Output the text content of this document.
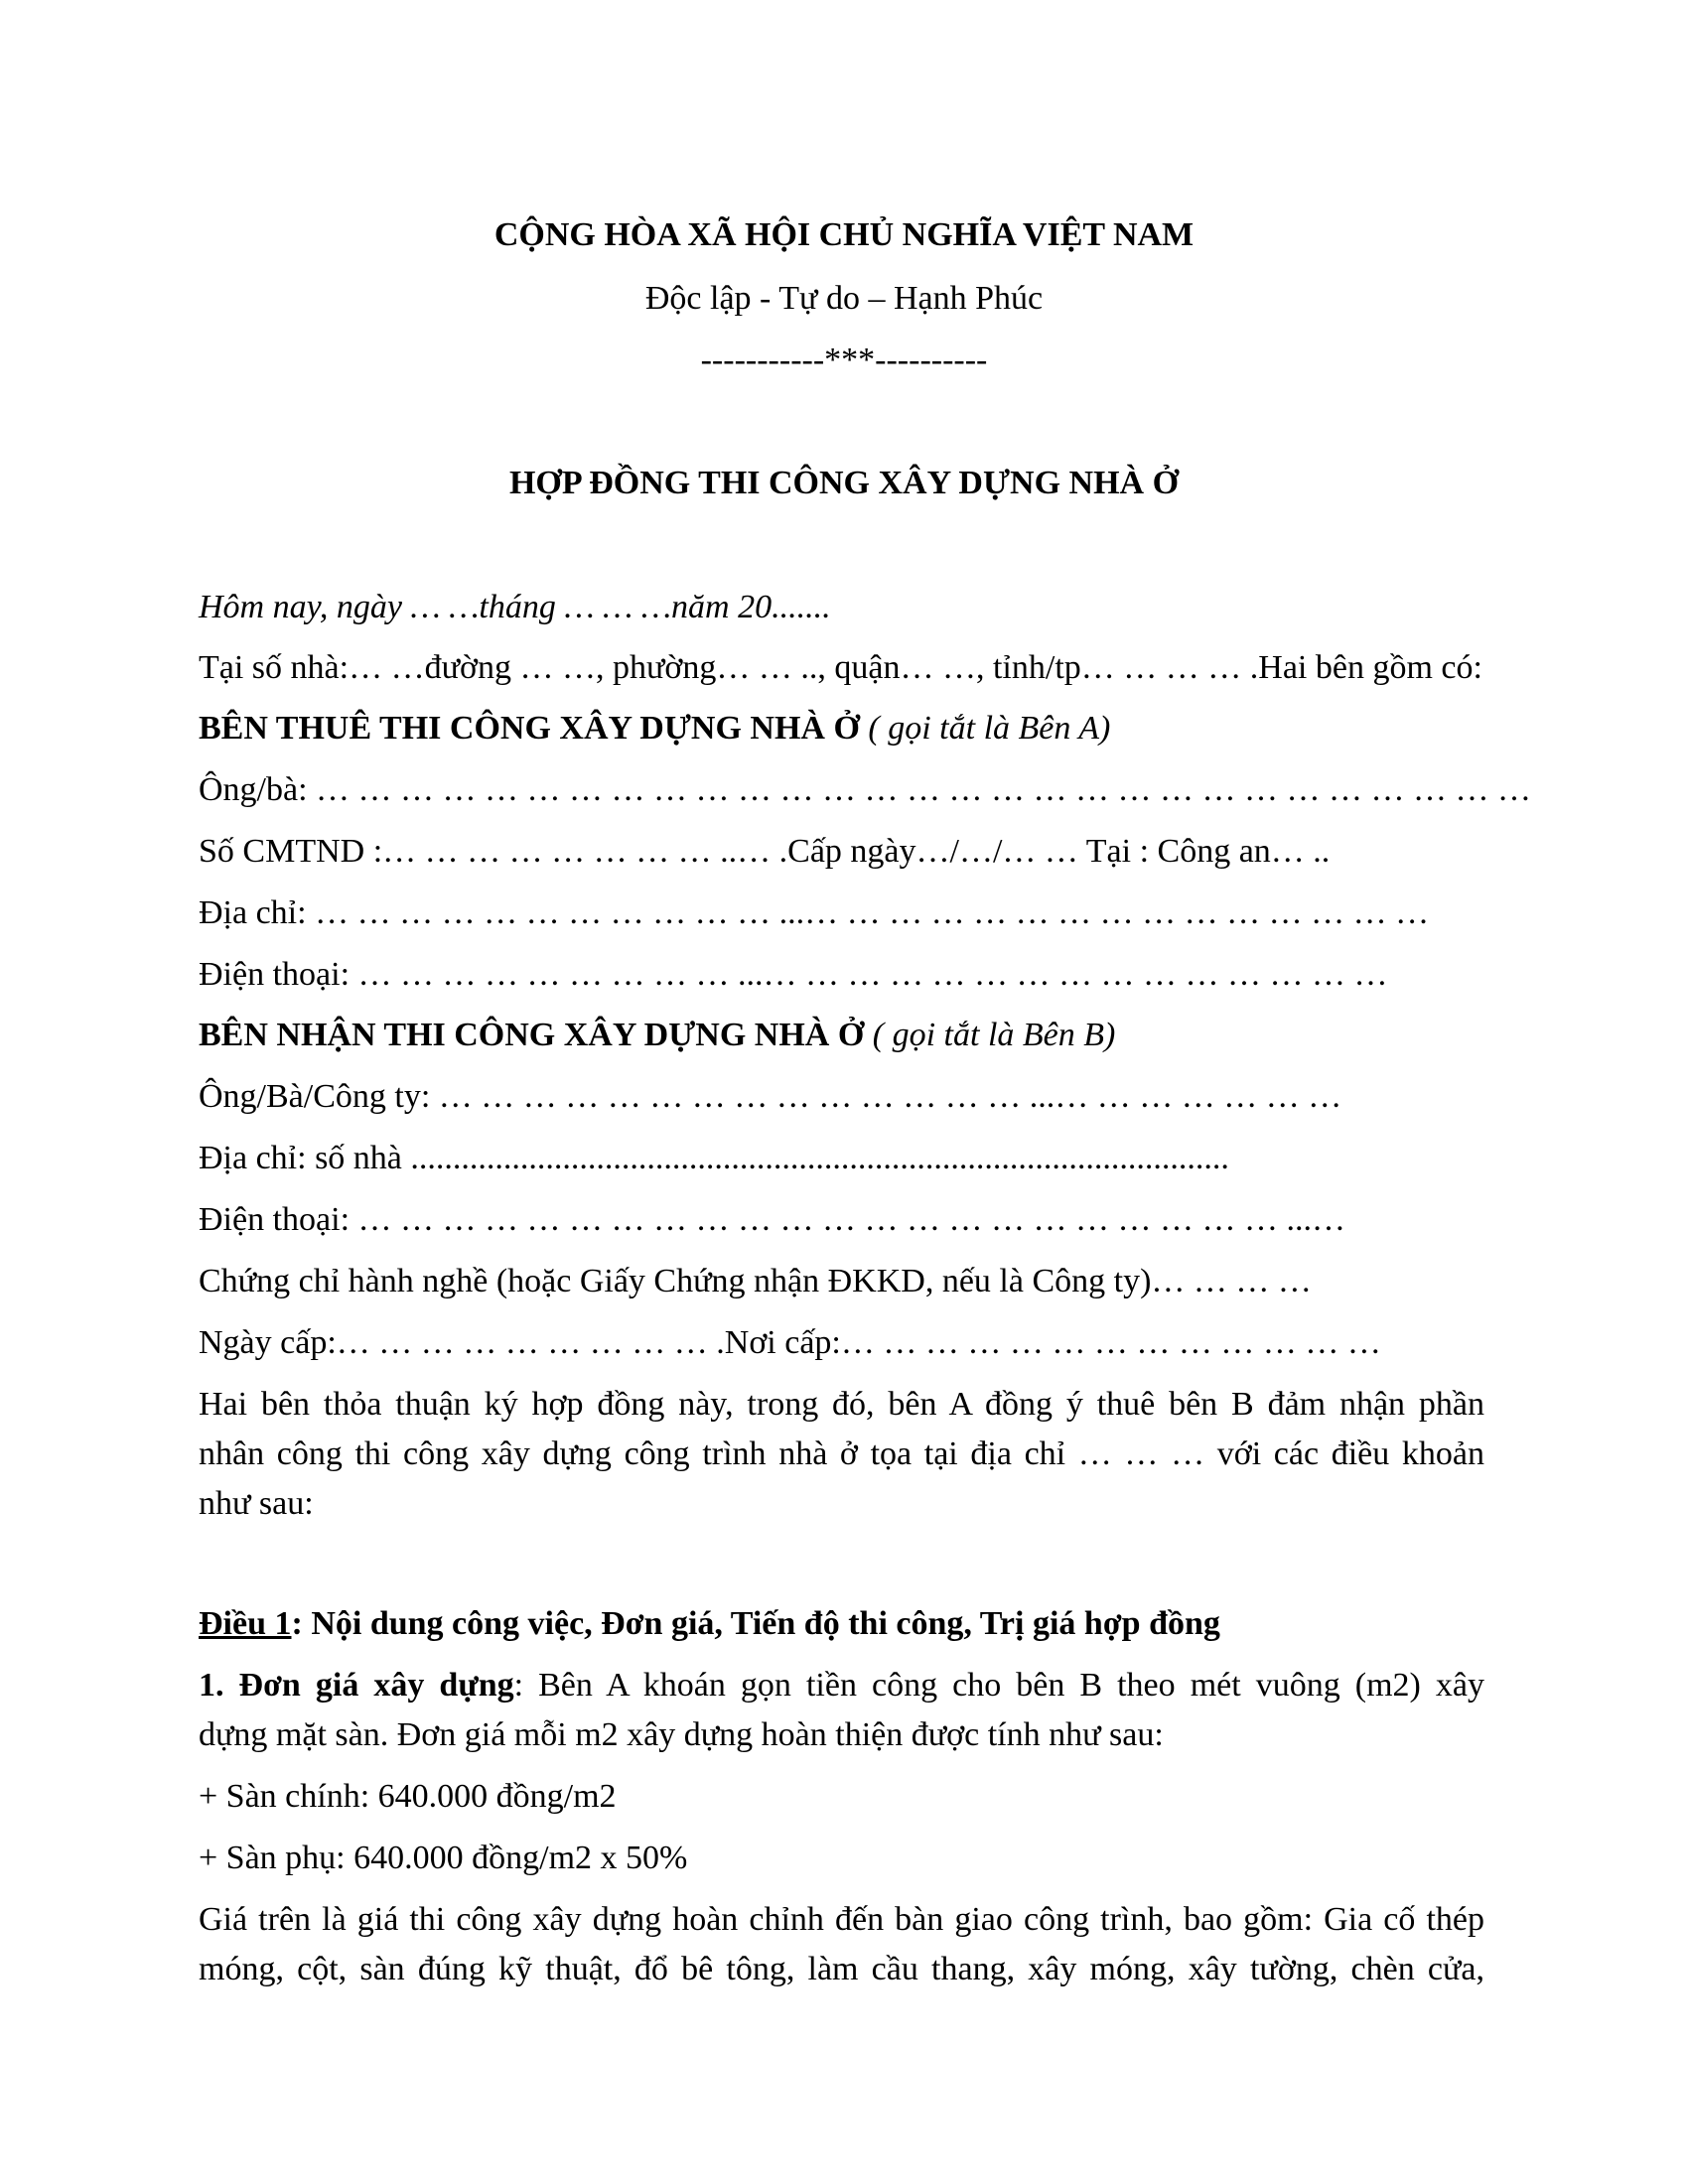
CỘNG HÒA XÃ HỘI CHỦ NGHĨA VIỆT NAM
Độc lập - Tự do – Hạnh Phúc
-----------***----------
HỢP ĐỒNG THI CÔNG XÂY DỰNG NHÀ Ở
Hôm nay, ngày … …tháng … … …năm 20.......
Tại số nhà:… …đường … …, phường… … .., quận… …, tỉnh/tp… … … … .Hai bên gồm có:
BÊN THUÊ THI CÔNG XÂY DỰNG NHÀ Ở ( gọi tắt là Bên A)
Ông/bà: … … … … … … … … … … … … … … … … … … … … … … … … … … … … …
Số CMTND :… … … … … … … … ..… .Cấp ngày…/…/… … Tại : Công an… ..
Địa chỉ: … … … … … … … … … … … ...… … … … … … … … … … … … … … …
Điện thoại: … … … … … … … … … ...… … … … … … … … … … … … … … …
BÊN NHẬN THI CÔNG XÂY DỰNG NHÀ Ở ( gọi tắt là Bên B)
Ông/Bà/Công ty: … … … … … … … … … … … … … … ...… … … … … … …
Địa chỉ: số nhà .................................................................................................
Điện thoại: … … … … … … … … … … … … … … … … … … … … … … ...…
Chứng chỉ hành nghề (hoặc Giấy Chứng nhận ĐKKD, nếu là Công ty)… … … …
Ngày cấp:… … … … … … … … … .Nơi cấp:… … … … … … … … … … … … …
Hai bên thỏa thuận ký hợp đồng này, trong đó, bên A đồng ý thuê bên B đảm nhận phần
nhân công thi công xây dựng công trình nhà ở tọa tại địa chỉ … … … với các điều khoản
như sau:
Điều 1: Nội dung công việc, Đơn giá, Tiến độ thi công, Trị giá hợp đồng
1. Đơn giá xây dựng: Bên A khoán gọn tiền công cho bên B theo mét vuông (m2) xây
dựng mặt sàn. Đơn giá mỗi m2 xây dựng hoàn thiện được tính như sau:
+ Sàn chính: 640.000 đồng/m2
+ Sàn phụ: 640.000 đồng/m2 x 50%
Giá trên là giá thi công xây dựng hoàn chỉnh đến bàn giao công trình, bao gồm: Gia cố thép
móng, cột, sàn đúng kỹ thuật, đổ bê tông, làm cầu thang, xây móng, xây tường, chèn cửa,
